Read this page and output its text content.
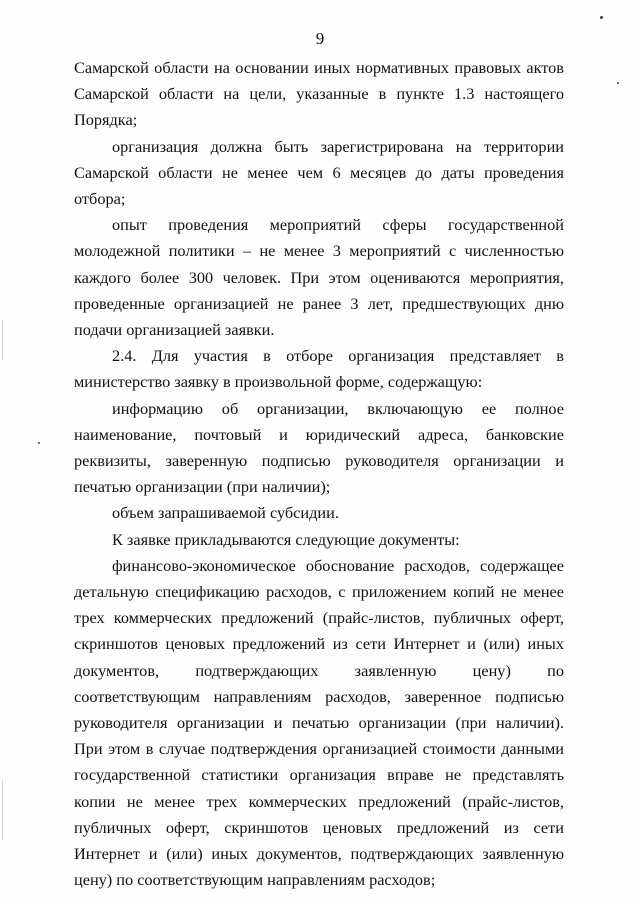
9

Самарской области на основании иных нормативных правовых актов Самарской области на цели, указанные в пункте 1.3 настоящего Порядка;

организация должна быть зарегистрирована на территории Самарской области не менее чем 6 месяцев до даты проведения отбора;

опыт проведения мероприятий сферы государственной молодежной политики – не менее 3 мероприятий с численностью каждого более 300 человек. При этом оцениваются мероприятия, проведенные организацией не ранее 3 лет, предшествующих дню подачи организацией заявки.

2.4. Для участия в отборе организация представляет в министерство заявку в произвольной форме, содержащую:

информацию об организации, включающую ее полное наименование, почтовый и юридический адреса, банковские реквизиты, заверенную подписью руководителя организации и печатью организации (при наличии);

объем запрашиваемой субсидии.

К заявке прикладываются следующие документы:

финансово-экономическое обоснование расходов, содержащее детальную спецификацию расходов, с приложением копий не менее трех коммерческих предложений (прайс-листов, публичных оферт, скриншотов ценовых предложений из сети Интернет и (или) иных документов, подтверждающих заявленную цену) по соответствующим направлениям расходов, заверенное подписью руководителя организации и печатью организации (при наличии). При этом в случае подтверждения организацией стоимости данными государственной статистики организация вправе не представлять копии не менее трех коммерческих предложений (прайс-листов, публичных оферт, скриншотов ценовых предложений из сети Интернет и (или) иных документов, подтверждающих заявленную цену) по соответствующим направлениям расходов;
